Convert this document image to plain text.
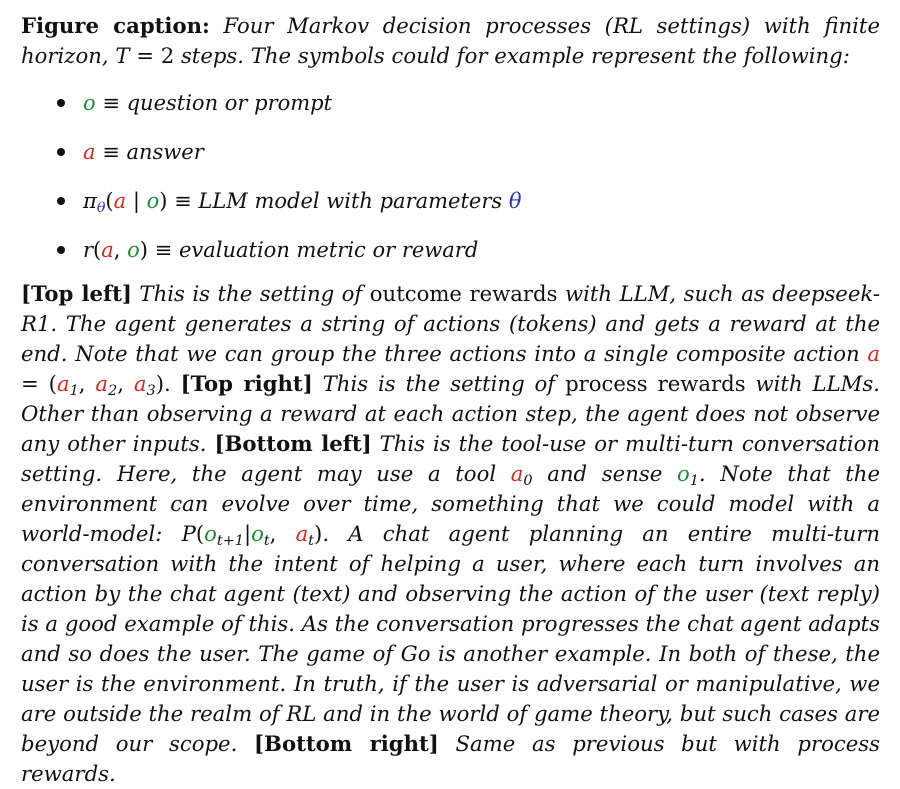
Figure caption: Four Markov decision processes (RL settings) with finite horizon, T = 2 steps. The symbols could for example represent the following:
o ≡ question or prompt
a ≡ answer
πθ(a | o) ≡ LLM model with parameters θ
r(a, o) ≡ evaluation metric or reward

[Top left] This is the setting of outcome rewards with LLM, such as deepseek-R1. The agent generates a string of actions (tokens) and gets a reward at the end. Note that we can group the three actions into a single composite action a = (a1, a2, a3). [Top right] This is the setting of process rewards with LLMs. Other than observing a reward at each action step, the agent does not observe any other inputs. [Bottom left] This is the tool-use or multi-turn conversation setting. Here, the agent may use a tool a0 and sense o1. Note that the environment can evolve over time, something that we could model with a world-model: P(ot+1|ot, at). A chat agent planning an entire multi-turn conversation with the intent of helping a user, where each turn involves an action by the chat agent (text) and observing the action of the user (text reply) is a good example of this. As the conversation progresses the chat agent adapts and so does the user. The game of Go is another example. In both of these, the user is the environment. In truth, if the user is adversarial or manipulative, we are outside the realm of RL and in the world of game theory, but such cases are beyond our scope. [Bottom right] Same as previous but with process rewards.
